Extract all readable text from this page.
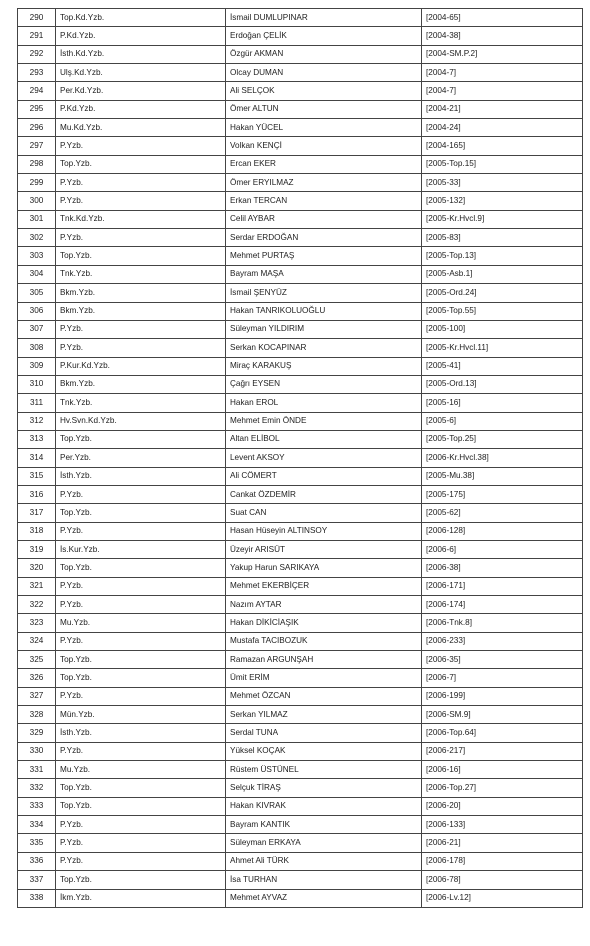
290	Top.Kd.Yzb.	İsmail DUMLUPINAR	[2004-65]
291	P.Kd.Yzb.	Erdoğan ÇELİK	[2004-38]
292	İsth.Kd.Yzb.	Özgür AKMAN	[2004-SM.P.2]
293	Ulş.Kd.Yzb.	Olcay DUMAN	[2004-7]
294	Per.Kd.Yzb.	Ali SELÇOK	[2004-7]
295	P.Kd.Yzb.	Ömer ALTUN	[2004-21]
296	Mu.Kd.Yzb.	Hakan YÜCEL	[2004-24]
297	P.Yzb.	Volkan KENÇİ	[2004-165]
298	Top.Yzb.	Ercan EKER	[2005-Top.15]
299	P.Yzb.	Ömer ERYILMAZ	[2005-33]
300	P.Yzb.	Erkan TERCAN	[2005-132]
301	Tnk.Kd.Yzb.	Celil AYBAR	[2005-Kr.Hvcl.9]
302	P.Yzb.	Serdar ERDOĞAN	[2005-83]
303	Top.Yzb.	Mehmet PURTAŞ	[2005-Top.13]
304	Tnk.Yzb.	Bayram MAŞA	[2005-Asb.1]
305	Bkm.Yzb.	İsmail ŞENYÜZ	[2005-Ord.24]
306	Bkm.Yzb.	Hakan TANRIKOLUOĞLU	[2005-Top.55]
307	P.Yzb.	Süleyman YILDIRIM	[2005-100]
308	P.Yzb.	Serkan KOCAPINAR	[2005-Kr.Hvcl.11]
309	P.Kur.Kd.Yzb.	Miraç KARAKUŞ	[2005-41]
310	Bkm.Yzb.	Çağrı EYSEN	[2005-Ord.13]
311	Tnk.Yzb.	Hakan EROL	[2005-16]
312	Hv.Svn.Kd.Yzb.	Mehmet Emin ÖNDE	[2005-6]
313	Top.Yzb.	Altan ELİBOL	[2005-Top.25]
314	Per.Yzb.	Levent AKSOY	[2006-Kr.Hvcl.38]
315	İsth.Yzb.	Ali CÖMERT	[2005-Mu.38]
316	P.Yzb.	Cankat ÖZDEMİR	[2005-175]
317	Top.Yzb.	Suat CAN	[2005-62]
318	P.Yzb.	Hasan Hüseyin ALTINSOY	[2006-128]
319	İs.Kur.Yzb.	Üzeyir ARISÜT	[2006-6]
320	Top.Yzb.	Yakup Harun SARIKAYA	[2006-38]
321	P.Yzb.	Mehmet EKERBİÇER	[2006-171]
322	P.Yzb.	Nazım AYTAR	[2006-174]
323	Mu.Yzb.	Hakan DİKİCİAŞIK	[2006-Tnk.8]
324	P.Yzb.	Mustafa TACIBOZUK	[2006-233]
325	Top.Yzb.	Ramazan ARGUNŞAH	[2006-35]
326	Top.Yzb.	Ümit ERİM	[2006-7]
327	P.Yzb.	Mehmet ÖZCAN	[2006-199]
328	Mün.Yzb.	Serkan YILMAZ	[2006-SM.9]
329	İsth.Yzb.	Serdal TUNA	[2006-Top.64]
330	P.Yzb.	Yüksel KOÇAK	[2006-217]
331	Mu.Yzb.	Rüstem ÜSTÜNEL	[2006-16]
332	Top.Yzb.	Selçuk TİRAŞ	[2006-Top.27]
333	Top.Yzb.	Hakan KIVRAK	[2006-20]
334	P.Yzb.	Bayram KANTIK	[2006-133]
335	P.Yzb.	Süleyman ERKAYA	[2006-21]
336	P.Yzb.	Ahmet Ali TÜRK	[2006-178]
337	Top.Yzb.	İsa TURHAN	[2006-78]
338	İkm.Yzb.	Mehmet AYVAZ	[2006-Lv.12]
